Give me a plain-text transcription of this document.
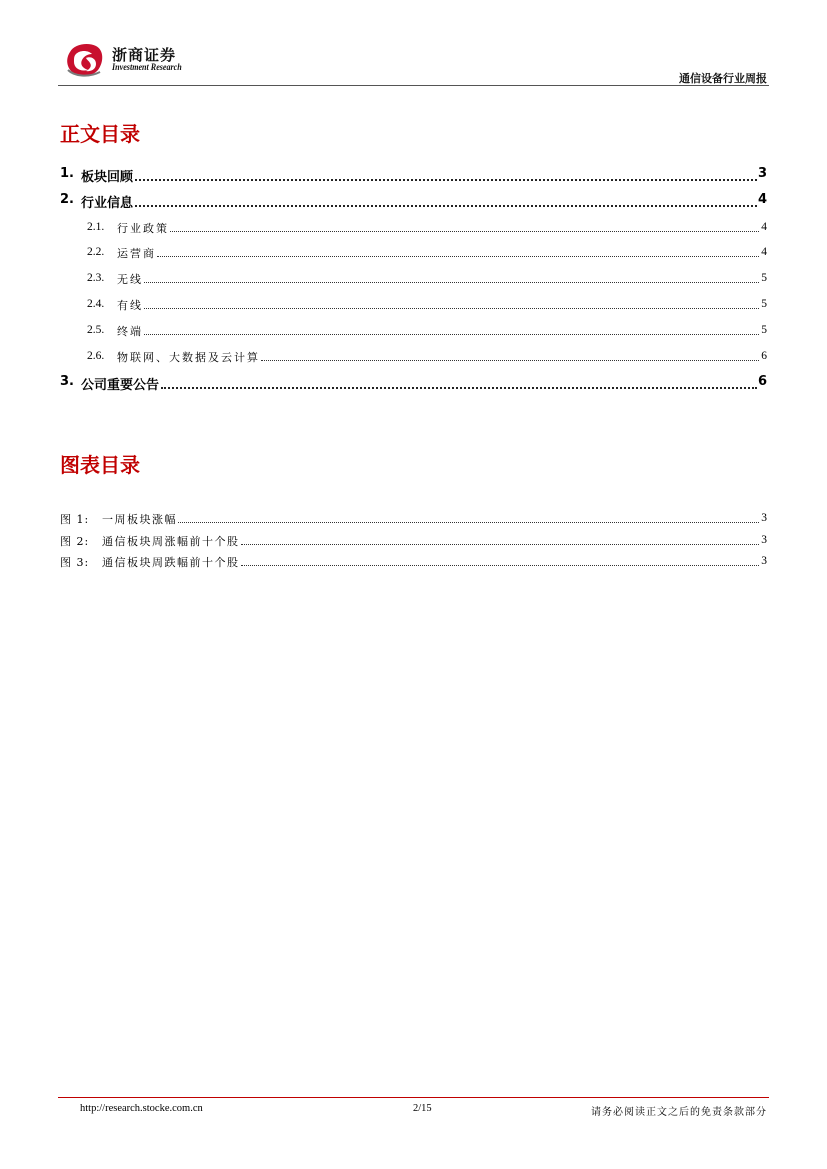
浙商证券
Investment Research
通信设备行业周报
正文目录
1. 板块回顾	3
2. 行业信息	4
2.1. 行业政策	4
2.2. 运营商	4
2.3. 无线	5
2.4. 有线	5
2.5. 终端	5
2.6. 物联网、大数据及云计算	6
3. 公司重要公告	6
图表目录
图 1: 一周板块涨幅	3
图 2: 通信板块周涨幅前十个股	3
图 3: 通信板块周跌幅前十个股	3
http://research.stocke.com.cn	2/15	请务必阅读正文之后的免责条款部分
